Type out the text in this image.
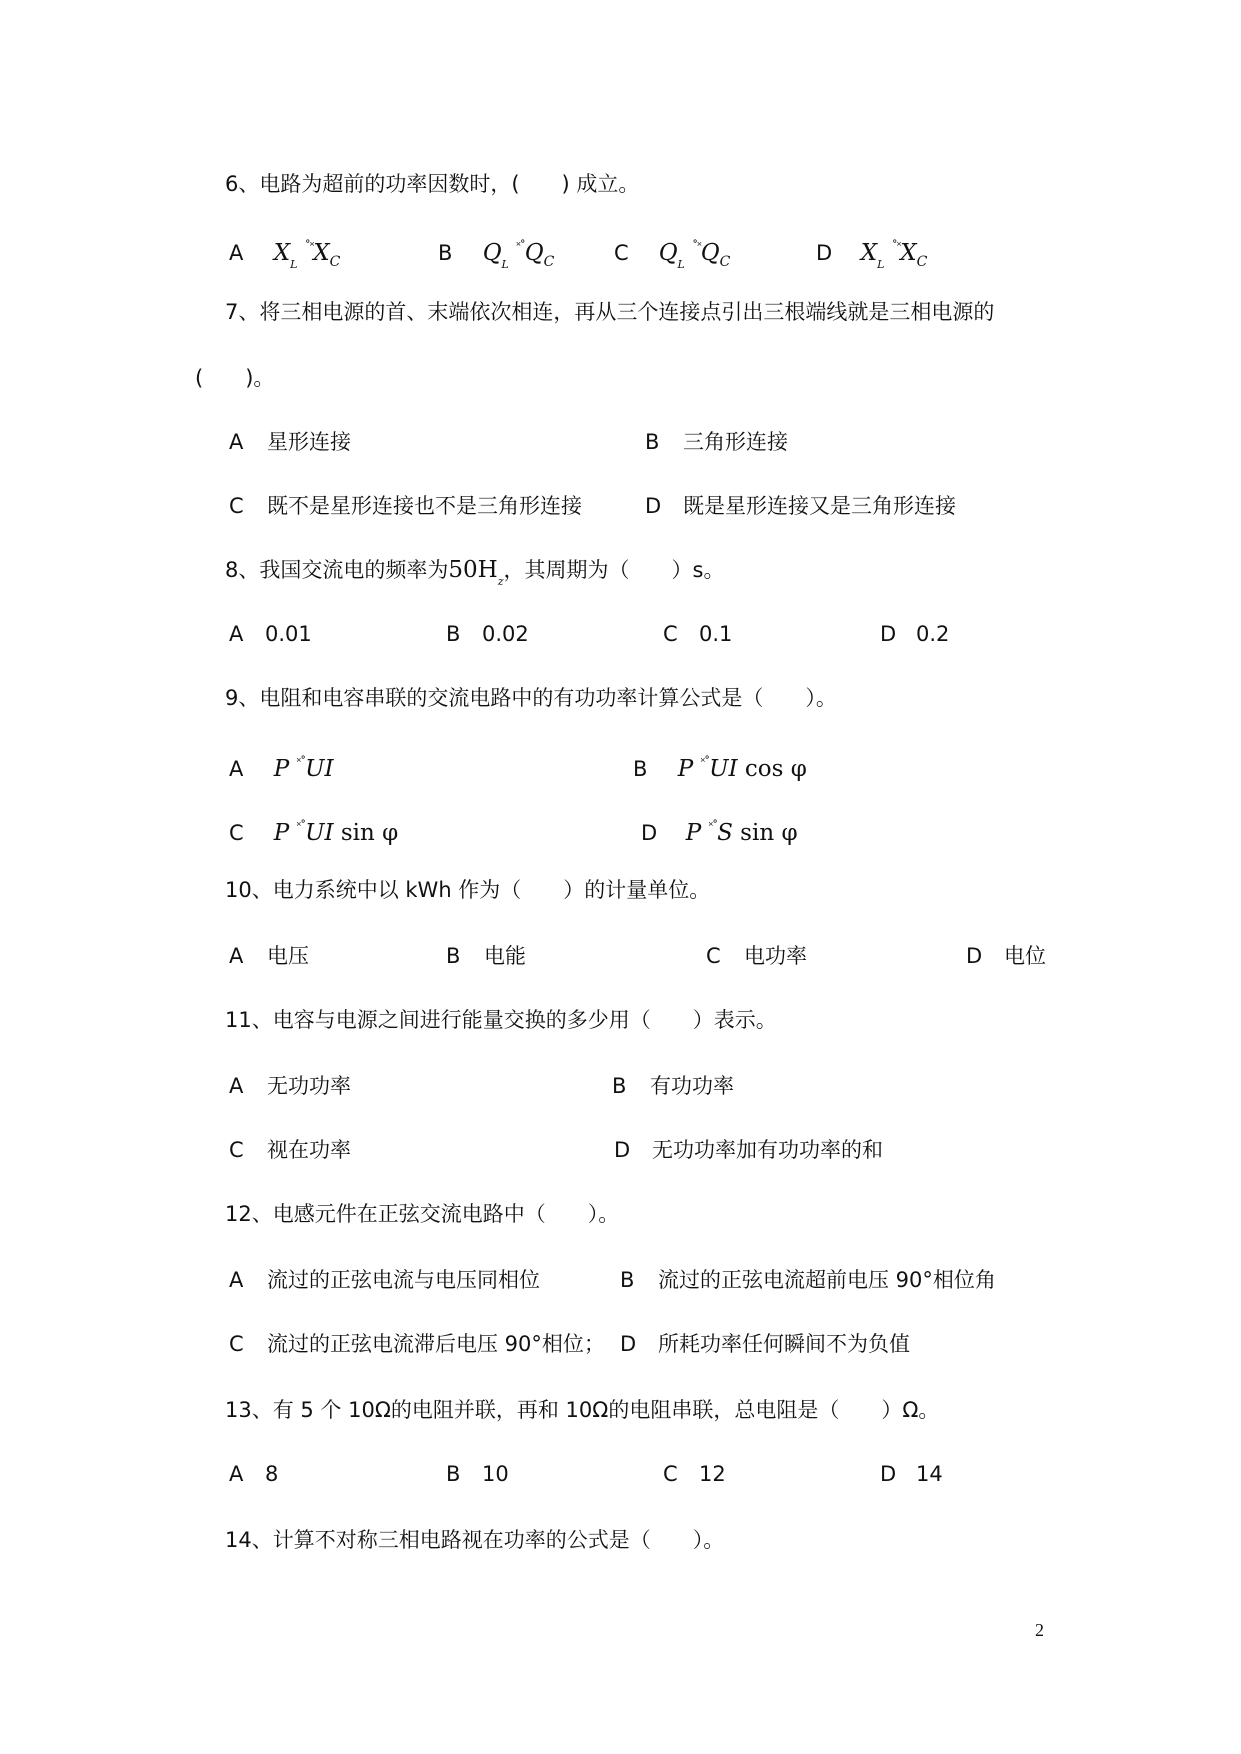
6、电路为超前的功率因数时，(　　) 成立。
A $X_L$ $^{˚˟}X_C$	B $Q_L$ $^{˟˚}Q_C$	C $Q_L$ $^{˚˟}Q_C$	D $X_L$ $^{˚˟}X_C$
7、将三相电源的首、末端依次相连，再从三个连接点引出三根端线就是三相电源的
(　　)。
A 星形连接	B 三角形连接
C 既不是星形连接也不是三角形连接	D 既是星形连接又是三角形连接
8、我国交流电的频率为$50H_z$，其周期为（　　）s。
A 0.01	B 0.02	C 0.1	D 0.2
9、电阻和电容串联的交流电路中的有功功率计算公式是（　　）。
A P ˟˚UI	B P ˟˚UI cos φ
C P ˟˚UI sin φ	D P ˟˚S sin φ
10、电力系统中以 kWh 作为（　　）的计量单位。
A 电压	B 电能	C 电功率	D 电位
11、电容与电源之间进行能量交换的多少用（　　）表示。
A 无功功率	B 有功功率
C 视在功率	D 无功功率加有功功率的和
12、电感元件在正弦交流电路中（　　）。
A 流过的正弦电流与电压同相位	B 流过的正弦电流超前电压 90°相位角
C 流过的正弦电流滞后电压 90°相位； D 所耗功率任何瞬间不为负值
13、有 5 个 10Ω的电阻并联，再和 10Ω的电阻串联，总电阻是（　　）Ω。
A 8	B 10	C 12	D 14
14、计算不对称三相电路视在功率的公式是（　　）。
2
